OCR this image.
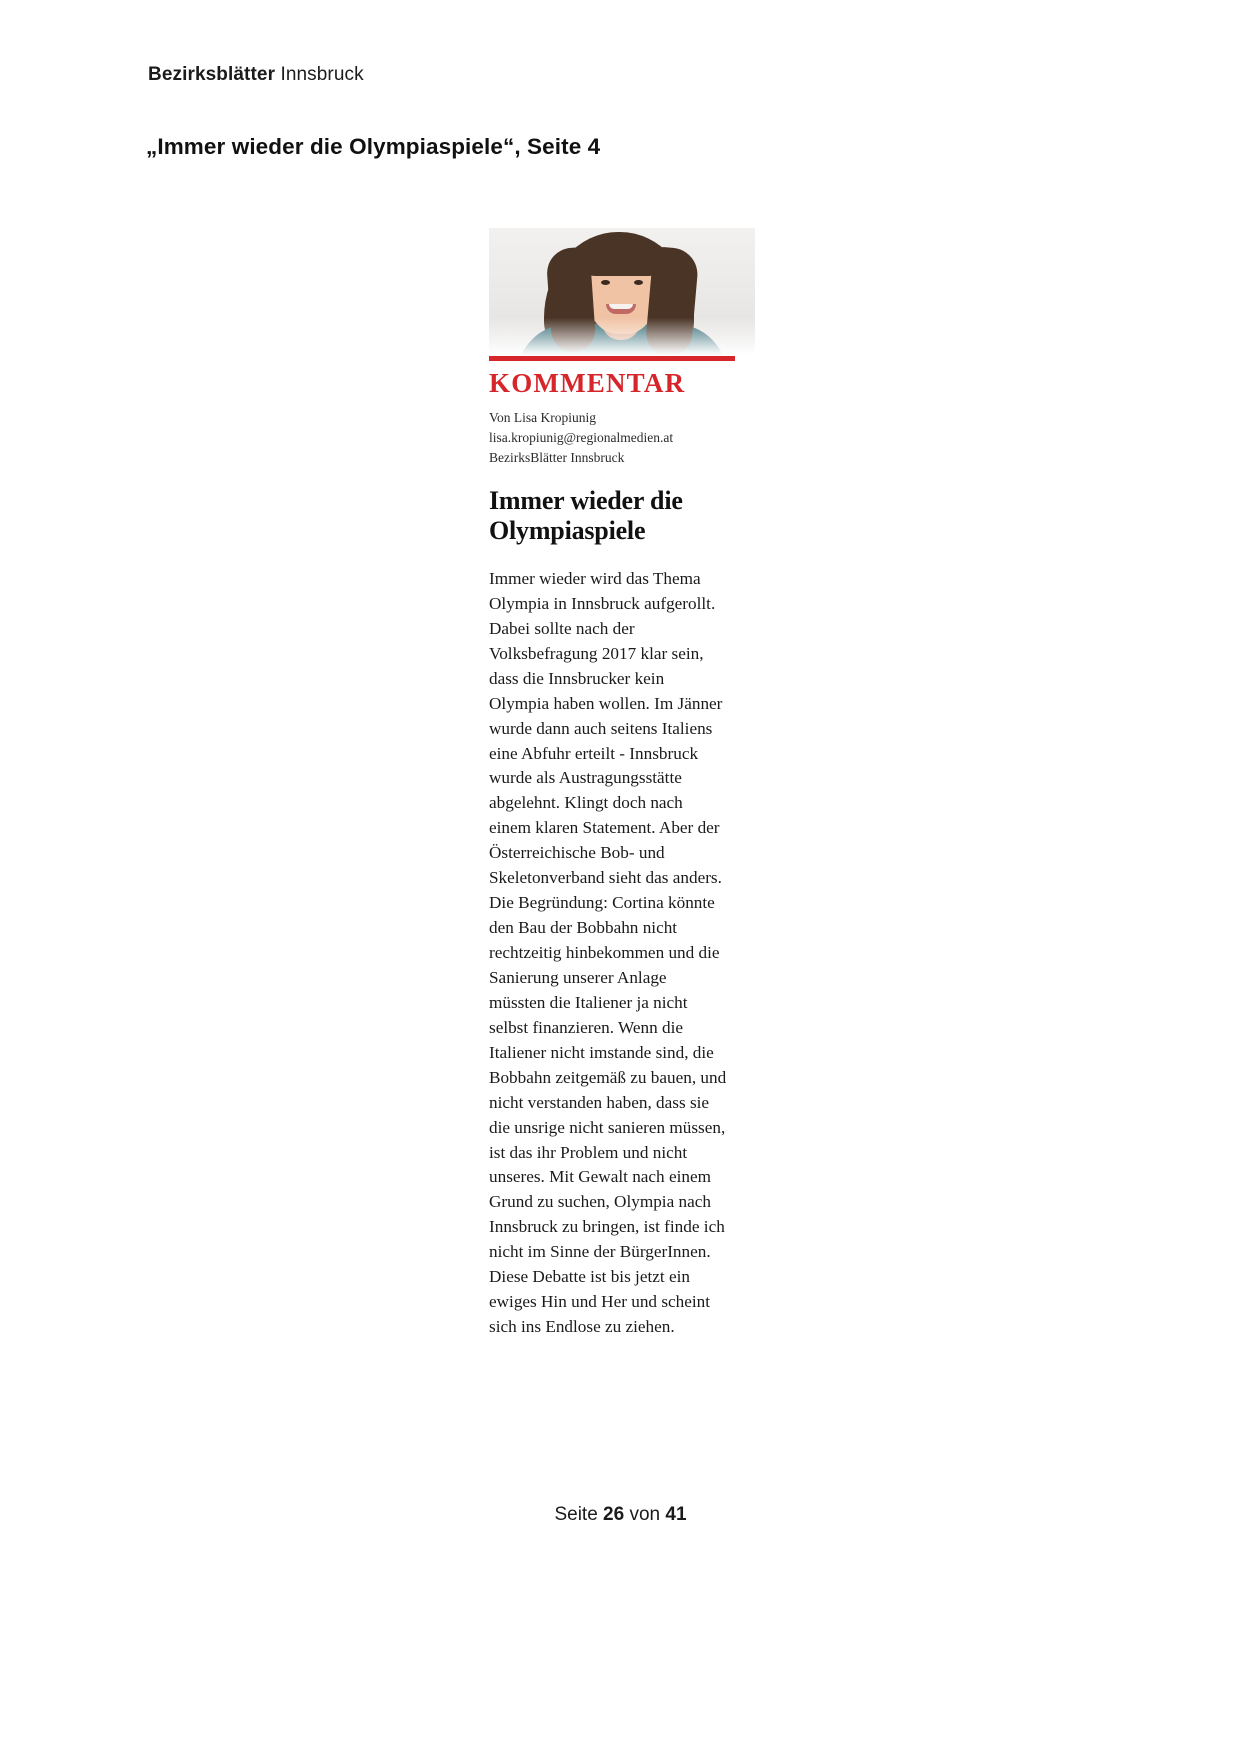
Bezirksblätter Innsbruck
„Immer wieder die Olympiaspiele“, Seite 4
KOMMENTAR
Von Lisa Kropiunig
lisa.kropiunig@regionalmedien.at
BezirksBlätter Innsbruck
Immer wieder die Olympiaspiele
Immer wieder wird das Thema Olympia in Innsbruck aufgerollt. Dabei sollte nach der Volksbefragung 2017 klar sein, dass die Innsbrucker kein Olympia haben wollen. Im Jänner wurde dann auch seitens Italiens eine Abfuhr erteilt - Innsbruck wurde als Austragungsstätte abgelehnt. Klingt doch nach einem klaren Statement. Aber der Österreichische Bob- und Skeletonverband sieht das anders. Die Begründung: Cortina könnte den Bau der Bobbahn nicht rechtzeitig hinbekommen und die Sanierung unserer Anlage müssten die Italiener ja nicht selbst finanzieren. Wenn die Italiener nicht imstande sind, die Bobbahn zeitgemäß zu bauen, und nicht verstanden haben, dass sie die unsrige nicht sanieren müssen, ist das ihr Problem und nicht unseres. Mit Gewalt nach einem Grund zu suchen, Olympia nach Innsbruck zu bringen, ist finde ich nicht im Sinne der BürgerInnen. Diese Debatte ist bis jetzt ein ewiges Hin und Her und scheint sich ins Endlose zu ziehen.
Seite 26 von 41
